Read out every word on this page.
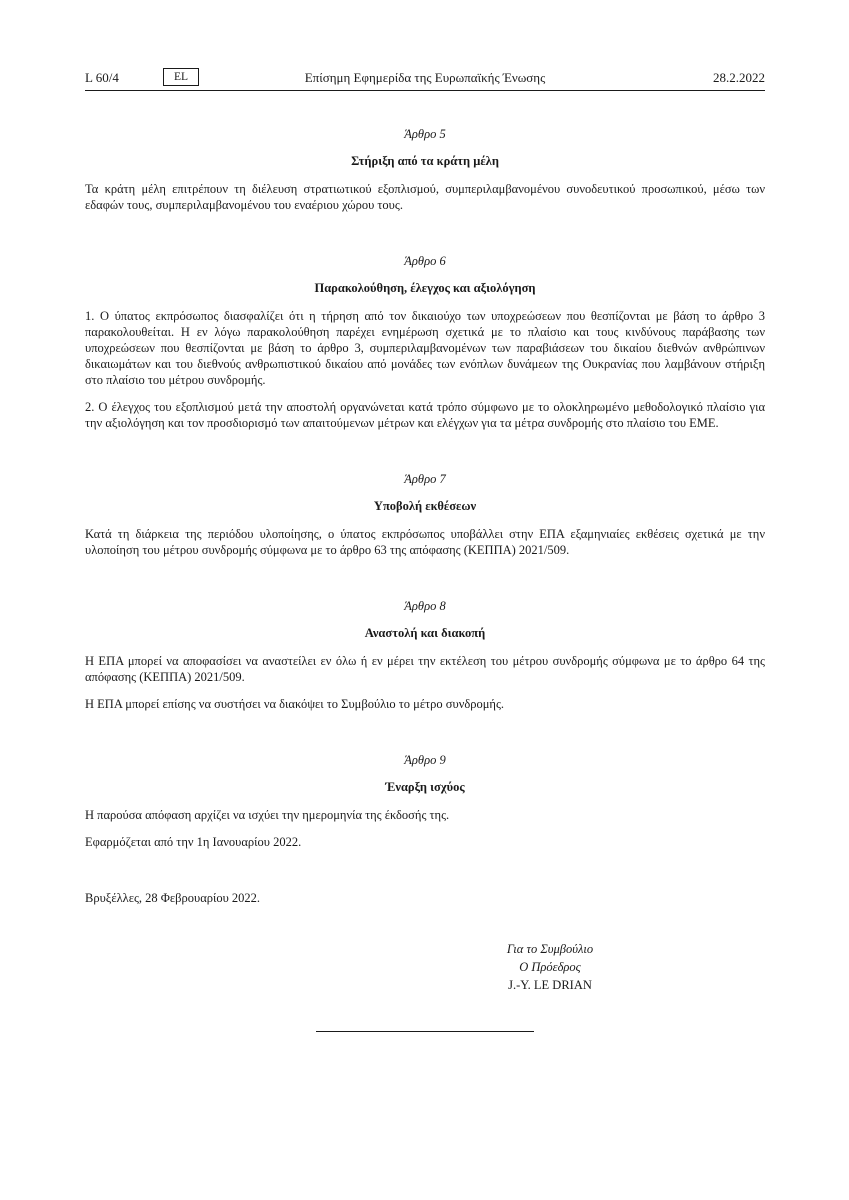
L 60/4	EL	Επίσημη Εφημερίδα της Ευρωπαϊκής Ένωσης	28.2.2022

Άρθρο 5

Στήριξη από τα κράτη μέλη

Τα κράτη μέλη επιτρέπουν τη διέλευση στρατιωτικού εξοπλισμού, συμπεριλαμβανομένου συνοδευτικού προσωπικού, μέσω των εδαφών τους, συμπεριλαμβανομένου του εναέριου χώρου τους.

Άρθρο 6

Παρακολούθηση, έλεγχος και αξιολόγηση

1. Ο ύπατος εκπρόσωπος διασφαλίζει ότι η τήρηση από τον δικαιούχο των υποχρεώσεων που θεσπίζονται με βάση το άρθρο 3 παρακολουθείται. Η εν λόγω παρακολούθηση παρέχει ενημέρωση σχετικά με το πλαίσιο και τους κινδύνους παράβασης των υποχρεώσεων που θεσπίζονται με βάση το άρθρο 3, συμπεριλαμβανομένων των παραβιάσεων του δικαίου διεθνών ανθρώπινων δικαιωμάτων και του διεθνούς ανθρωπιστικού δικαίου από μονάδες των ενόπλων δυνάμεων της Ουκρανίας που λαμβάνουν στήριξη στο πλαίσιο του μέτρου συνδρομής.

2. Ο έλεγχος του εξοπλισμού μετά την αποστολή οργανώνεται κατά τρόπο σύμφωνο με το ολοκληρωμένο μεθοδολογικό πλαίσιο για την αξιολόγηση και τον προσδιορισμό των απαιτούμενων μέτρων και ελέγχων για τα μέτρα συνδρομής στο πλαίσιο του ΕΜΕ.

Άρθρο 7

Υποβολή εκθέσεων

Κατά τη διάρκεια της περιόδου υλοποίησης, ο ύπατος εκπρόσωπος υποβάλλει στην ΕΠΑ εξαμηνιαίες εκθέσεις σχετικά με την υλοποίηση του μέτρου συνδρομής σύμφωνα με το άρθρο 63 της απόφασης (ΚΕΠΠΑ) 2021/509.

Άρθρο 8

Αναστολή και διακοπή

Η ΕΠΑ μπορεί να αποφασίσει να αναστείλει εν όλω ή εν μέρει την εκτέλεση του μέτρου συνδρομής σύμφωνα με το άρθρο 64 της απόφασης (ΚΕΠΠΑ) 2021/509.

Η ΕΠΑ μπορεί επίσης να συστήσει να διακόψει το Συμβούλιο το μέτρο συνδρομής.

Άρθρο 9

Έναρξη ισχύος

Η παρούσα απόφαση αρχίζει να ισχύει την ημερομηνία της έκδοσής της.

Εφαρμόζεται από την 1η Ιανουαρίου 2022.

Βρυξέλλες, 28 Φεβρουαρίου 2022.

Για το Συμβούλιο
Ο Πρόεδρος
J.-Y. LE DRIAN
